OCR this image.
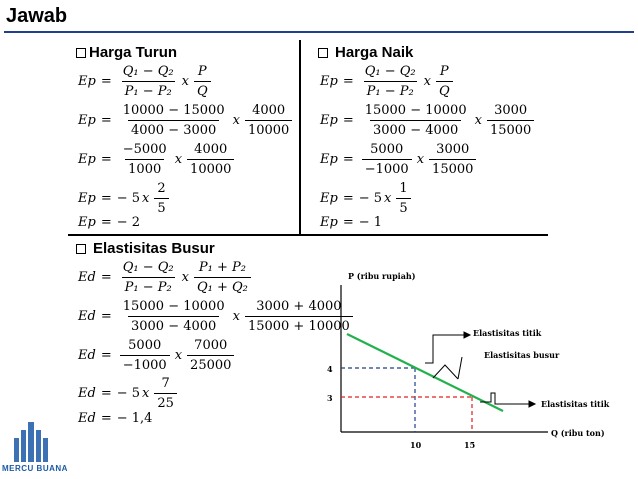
Jawab
Harga Turun	Harga Naik
Elastisitas Busur
$Ep = \frac{\text{Q₁ − Q₂}}{\text{P₁ − P₂}}$ x $\frac{P}{Q}$
$Ep = \frac{10000 - 15000}{4000 - 3000}$ x $\frac{4000}{10000}$
$Ep = \frac{-5000}{1000}$ x $\frac{4000}{10000}$
Ep = − 5 x $\frac{2}{5}$
Ep = − 2
$Ep = \frac{\text{Q₁ − Q₂}}{\text{P₁ − P₂}}$ x $\frac{P}{Q}$
$Ep = \frac{15000 - 10000}{3000 - 4000}$ x $\frac{3000}{15000}$
$Ep = \frac{5000}{-1000}$ x $\frac{3000}{15000}$
Ep = − 5 x $\frac{1}{5}$
Ep = − 1
$Ed = \frac{\text{Q₁ − Q₂}}{\text{P₁ − P₂}}$ x $\frac{\text{P₁ + P₂}}{\text{Q₁ + Q₂}}$
$Ed = \frac{15000 - 10000}{3000 - 4000}$ x $\frac{3000 + 4000}{15000 + 10000}$
$Ed = \frac{5000}{-1000}$ x $\frac{7000}{25000}$
Ed = − 5 x $\frac{7}{25}$
Ed = − 1,4
P (ribu rupiah)
Q (ribu ton)
4
3
10	15
Elastisitas titik
Elastisitas busur
Elastisitas titik
MERCU BUANA
